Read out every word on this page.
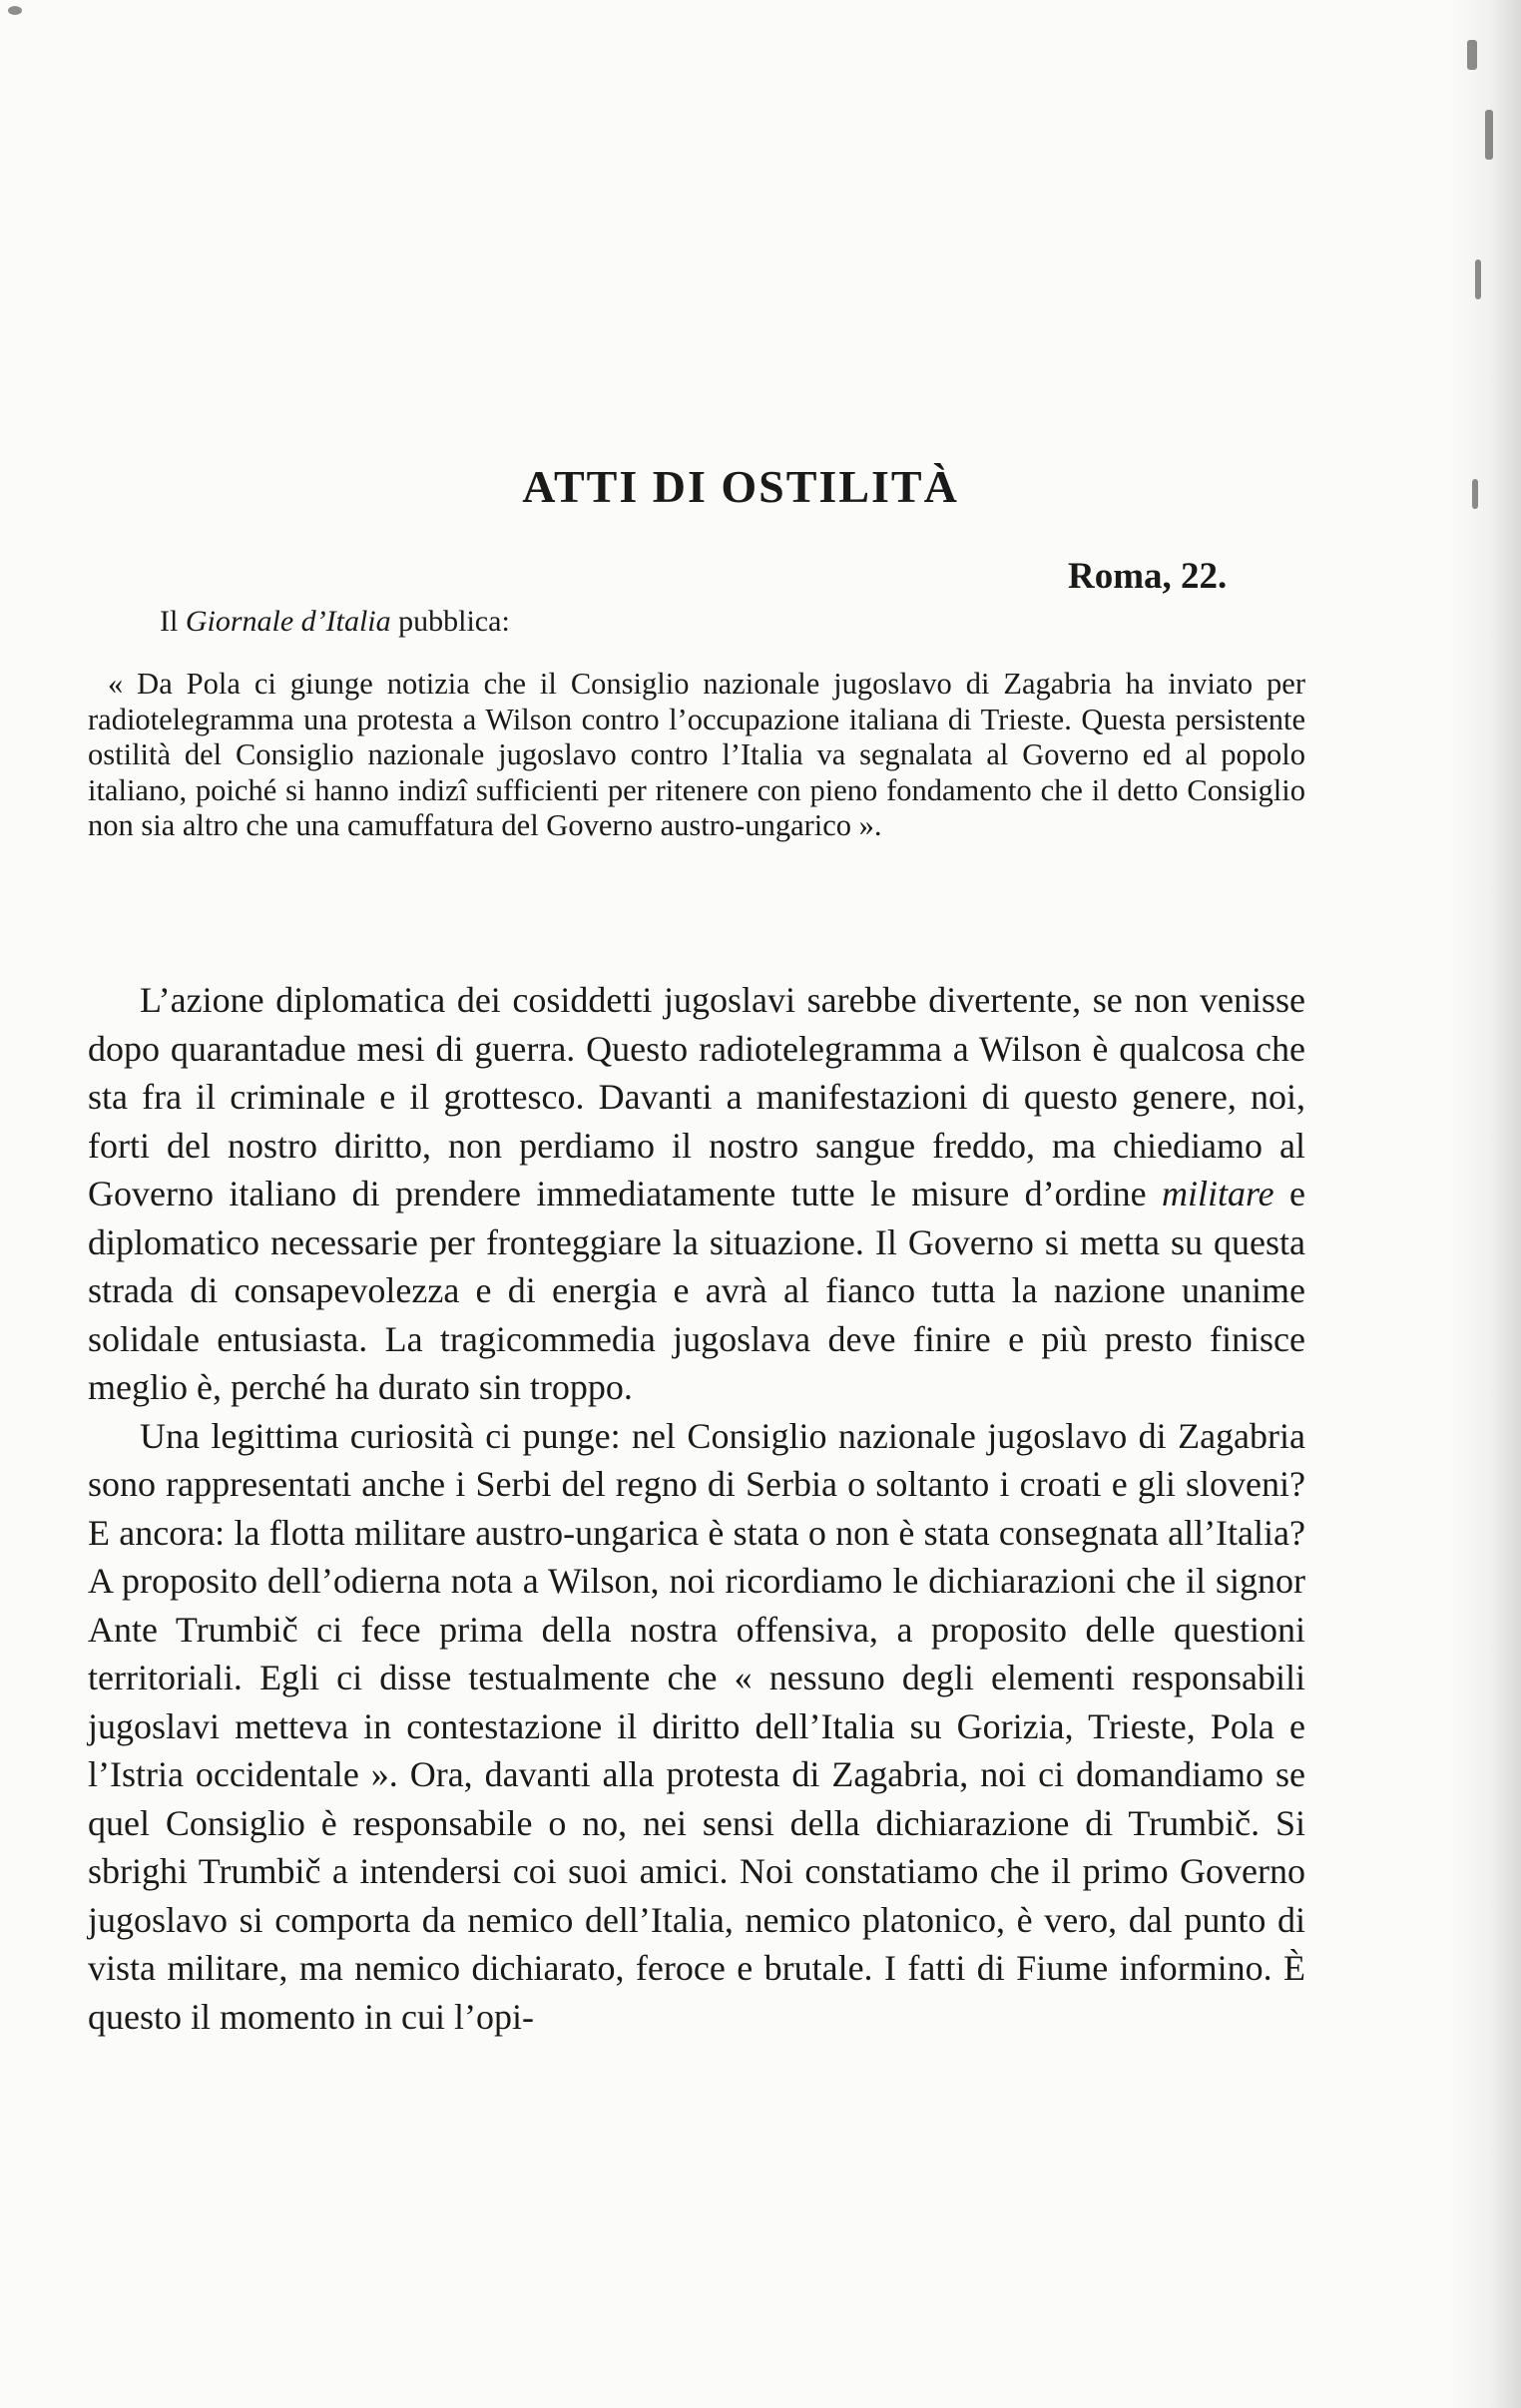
ATTI DI OSTILITÀ
Roma, 22.
Il Giornale d’Italia pubblica:

« Da Pola ci giunge notizia che il Consiglio nazionale jugoslavo di Zagabria ha inviato per radiotelegramma una protesta a Wilson contro l’occupazione italiana di Trieste. Questa persistente ostilità del Consiglio nazionale jugoslavo contro l’Italia va segnalata al Governo ed al popolo italiano, poiché si hanno indizî sufficienti per ritenere con pieno fondamento che il detto Consiglio non sia altro che una camuffatura del Governo austro-ungarico ».

L’azione diplomatica dei cosiddetti jugoslavi sarebbe divertente, se non venisse dopo quarantadue mesi di guerra. Questo radiotelegramma a Wilson è qualcosa che sta fra il criminale e il grottesco. Davanti a manifestazioni di questo genere, noi, forti del nostro diritto, non perdiamo il nostro sangue freddo, ma chiediamo al Governo italiano di prendere immediatamente tutte le misure d’ordine militare e diplomatico necessarie per fronteggiare la situazione. Il Governo si metta su questa strada di consapevolezza e di energia e avrà al fianco tutta la nazione unanime solidale entusiasta. La tragicommedia jugoslava deve finire e più presto finisce meglio è, perché ha durato sin troppo.

Una legittima curiosità ci punge: nel Consiglio nazionale jugoslavo di Zagabria sono rappresentati anche i Serbi del regno di Serbia o soltanto i croati e gli sloveni? E ancora: la flotta militare austro-ungarica è stata o non è stata consegnata all’Italia? A proposito dell’odierna nota a Wilson, noi ricordiamo le dichiarazioni che il signor Ante Trumbič ci fece prima della nostra offensiva, a proposito delle questioni territoriali. Egli ci disse testualmente che « nessuno degli elementi responsabili jugoslavi metteva in contestazione il diritto dell’Italia su Gorizia, Trieste, Pola e l’Istria occidentale ». Ora, davanti alla protesta di Zagabria, noi ci domandiamo se quel Consiglio è responsabile o no, nei sensi della dichiarazione di Trumbič. Si sbrighi Trumbič a intendersi coi suoi amici. Noi constatiamo che il primo Governo jugoslavo si comporta da nemico dell’Italia, nemico platonico, è vero, dal punto di vista militare, ma nemico dichiarato, feroce e brutale. I fatti di Fiume informino. È questo il momento in cui l’opi-
